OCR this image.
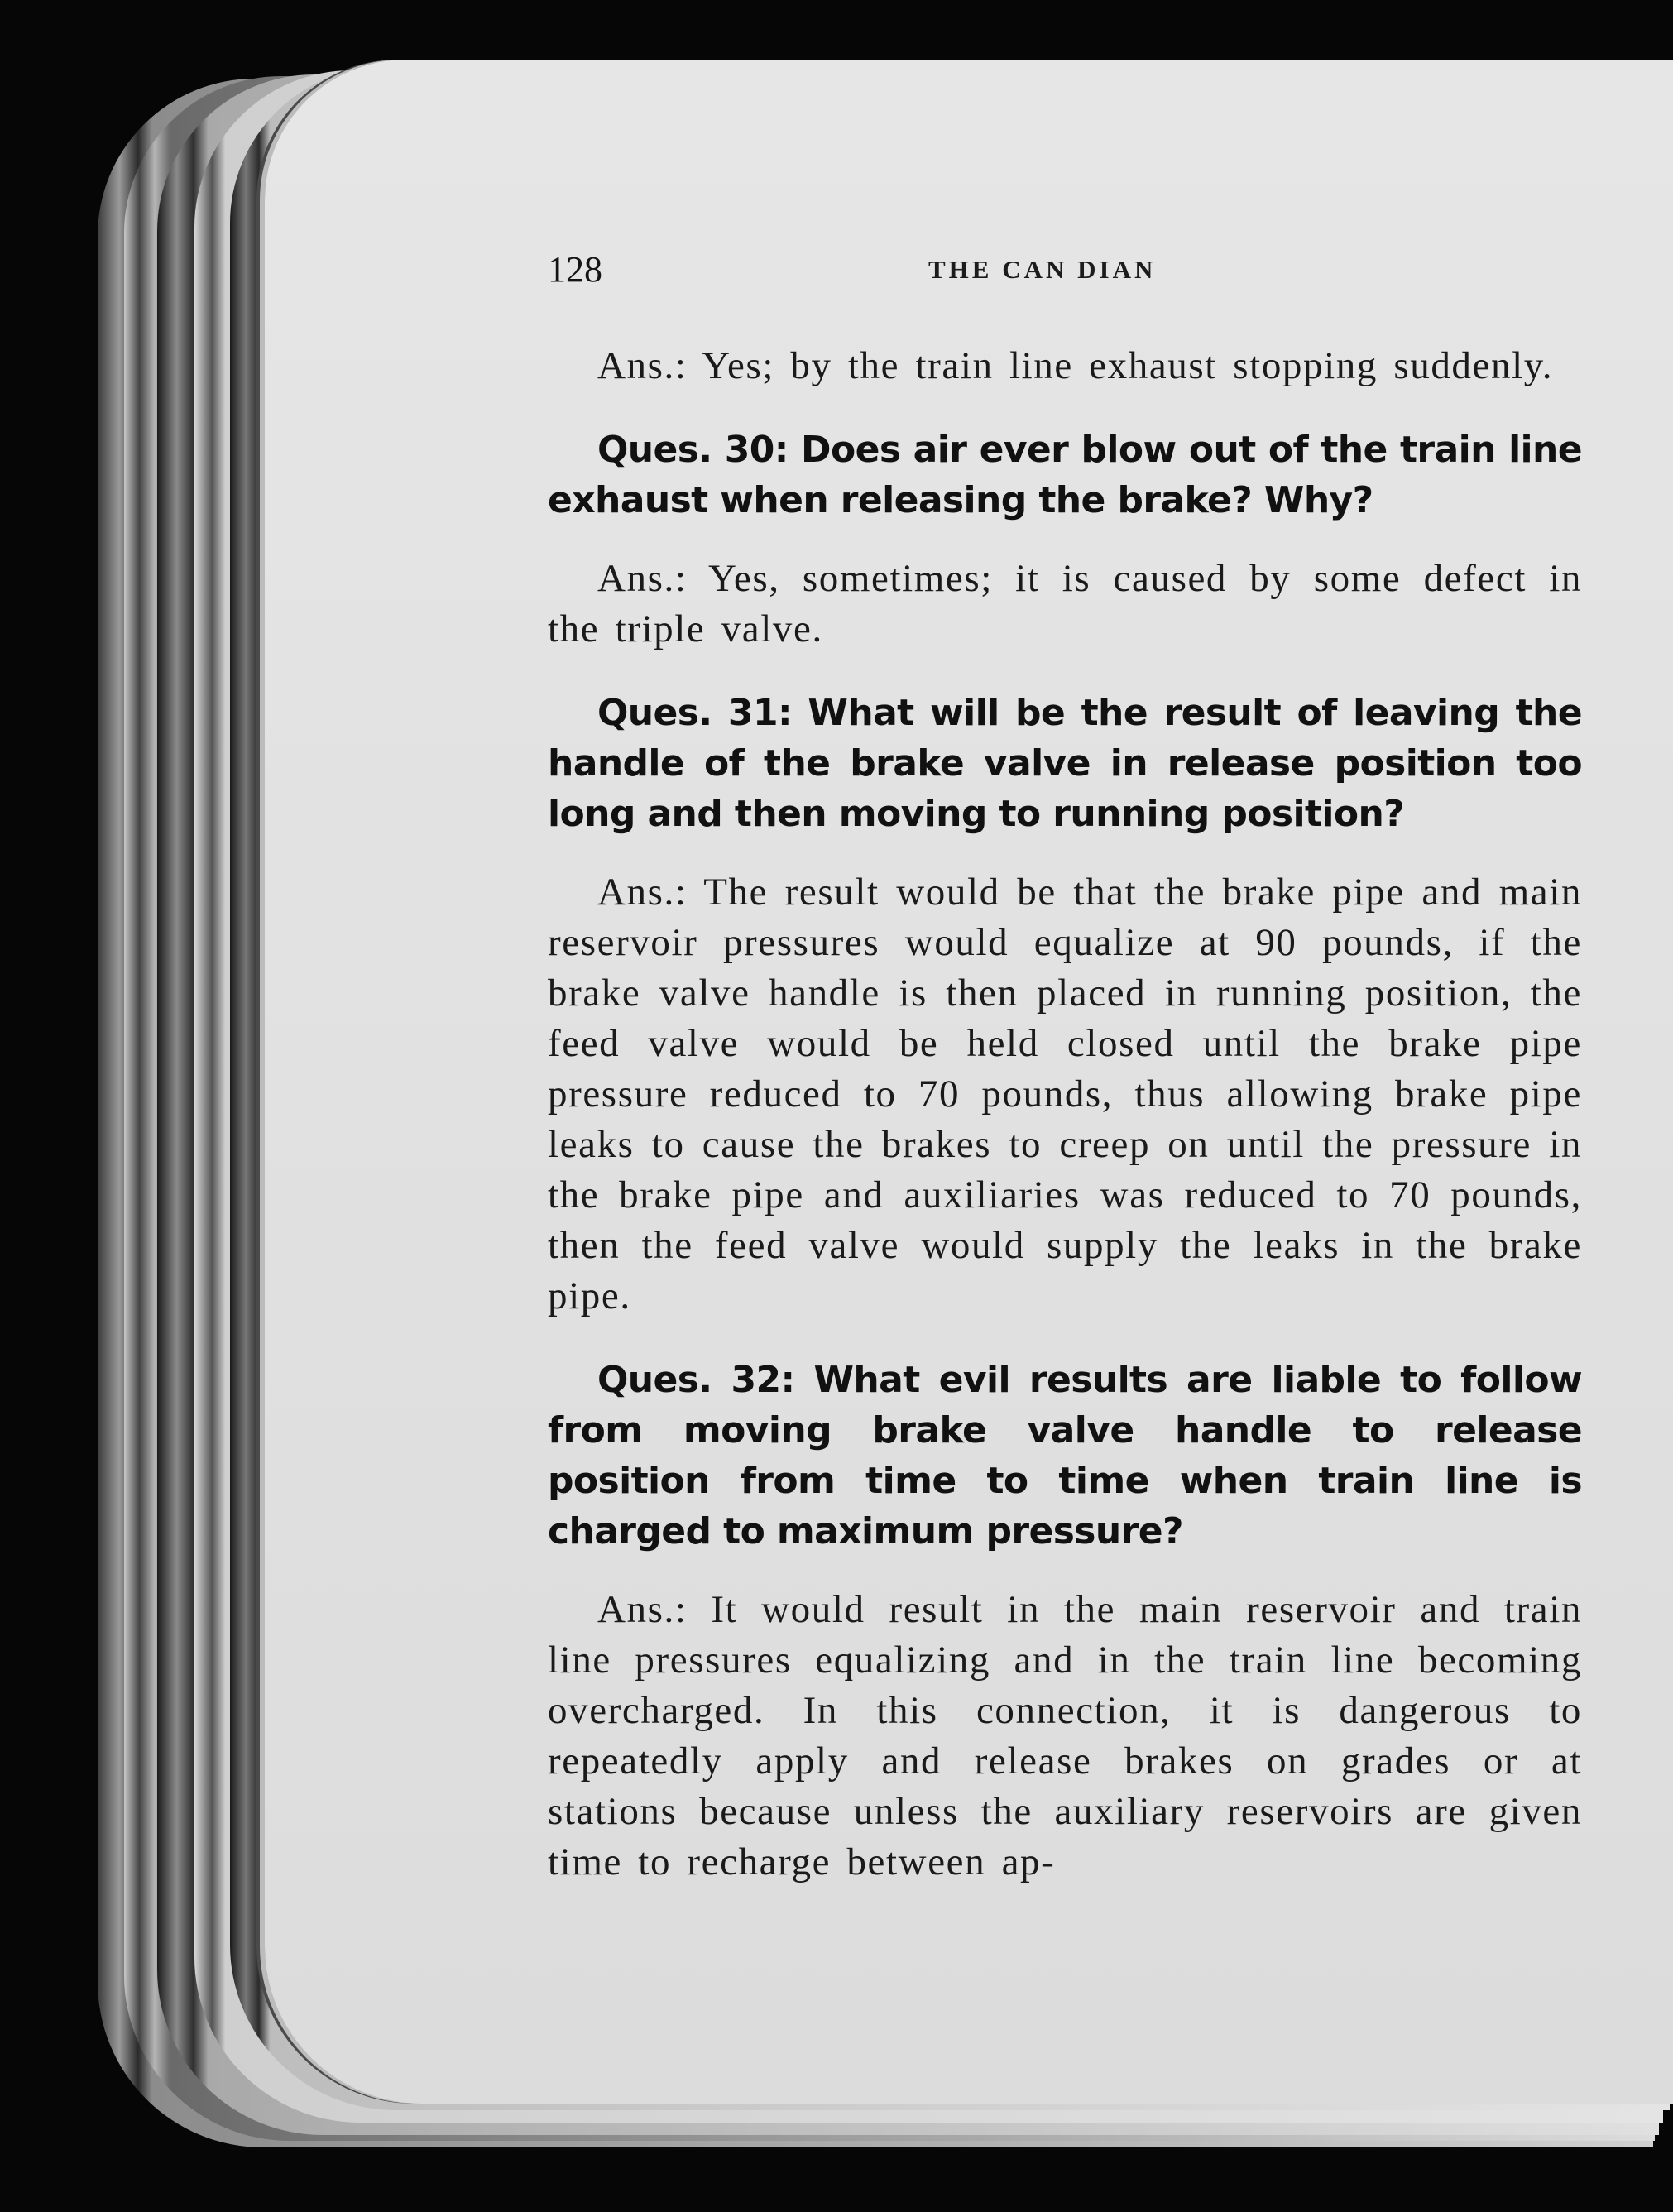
128	THE CAN DIAN

Ans.: Yes; by the train line exhaust stopping suddenly.

Ques. 30: Does air ever blow out of the train line exhaust when releasing the brake? Why?

Ans.: Yes, sometimes; it is caused by some defect in the triple valve.

Ques. 31: What will be the result of leaving the handle of the brake valve in release position too long and then moving to running position?

Ans.: The result would be that the brake pipe and main reservoir pressures would equalize at 90 pounds, if the brake valve handle is then placed in running position, the feed valve would be held closed until the brake pipe pressure reduced to 70 pounds, thus allowing brake pipe leaks to cause the brakes to creep on until the pressure in the brake pipe and auxiliaries was reduced to 70 pounds, then the feed valve would supply the leaks in the brake pipe.

Ques. 32: What evil results are liable to follow from moving brake valve handle to release position from time to time when train line is charged to maximum pressure?

Ans.: It would result in the main reservoir and train line pressures equalizing and in the train line becoming overcharged. In this connection, it is dangerous to repeatedly apply and release brakes on grades or at stations because unless the auxiliary reservoirs are given time to recharge between ap-
